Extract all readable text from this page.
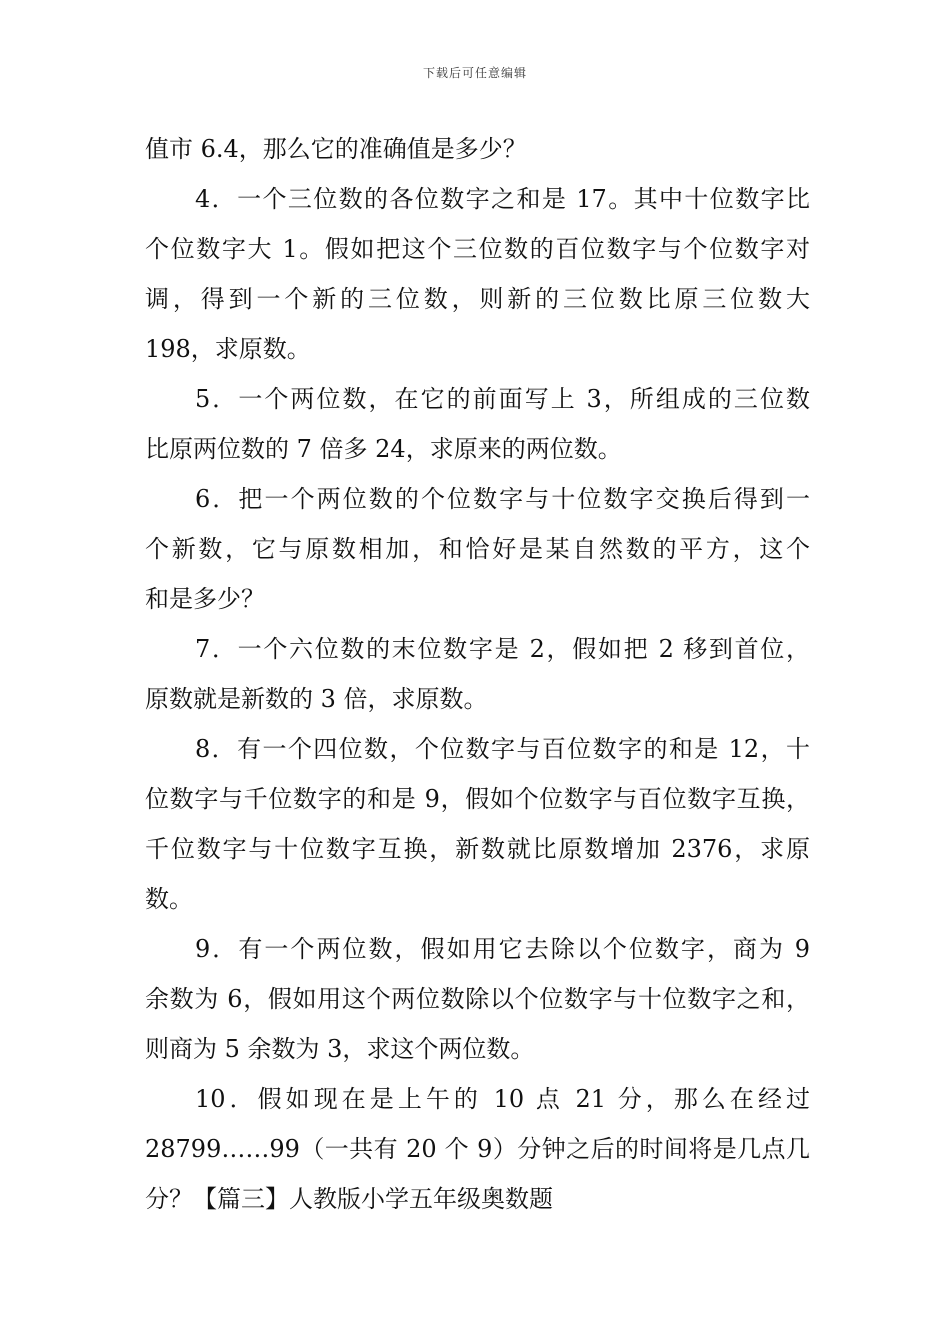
下载后可任意编辑
值市 6.4，那么它的准确值是多少？
4．一个三位数的各位数字之和是 17。其中十位数字比
个位数字大 1。假如把这个三位数的百位数字与个位数字对
调，得到一个新的三位数，则新的三位数比原三位数大
198，求原数。
5．一个两位数，在它的前面写上 3，所组成的三位数
比原两位数的 7 倍多 24，求原来的两位数。
6．把一个两位数的个位数字与十位数字交换后得到一
个新数，它与原数相加，和恰好是某自然数的平方，这个
和是多少？
7．一个六位数的末位数字是 2，假如把 2 移到首位，
原数就是新数的 3 倍，求原数。
8．有一个四位数，个位数字与百位数字的和是 12，十
位数字与千位数字的和是 9，假如个位数字与百位数字互换，
千位数字与十位数字互换，新数就比原数增加 2376，求原
数。
9．有一个两位数，假如用它去除以个位数字，商为 9
余数为 6，假如用这个两位数除以个位数字与十位数字之和，
则商为 5 余数为 3，求这个两位数。
10．假如现在是上午的 10 点 21 分，那么在经过
28799……99（一共有 20 个 9）分钟之后的时间将是几点几
分？【篇三】人教版小学五年级奥数题
